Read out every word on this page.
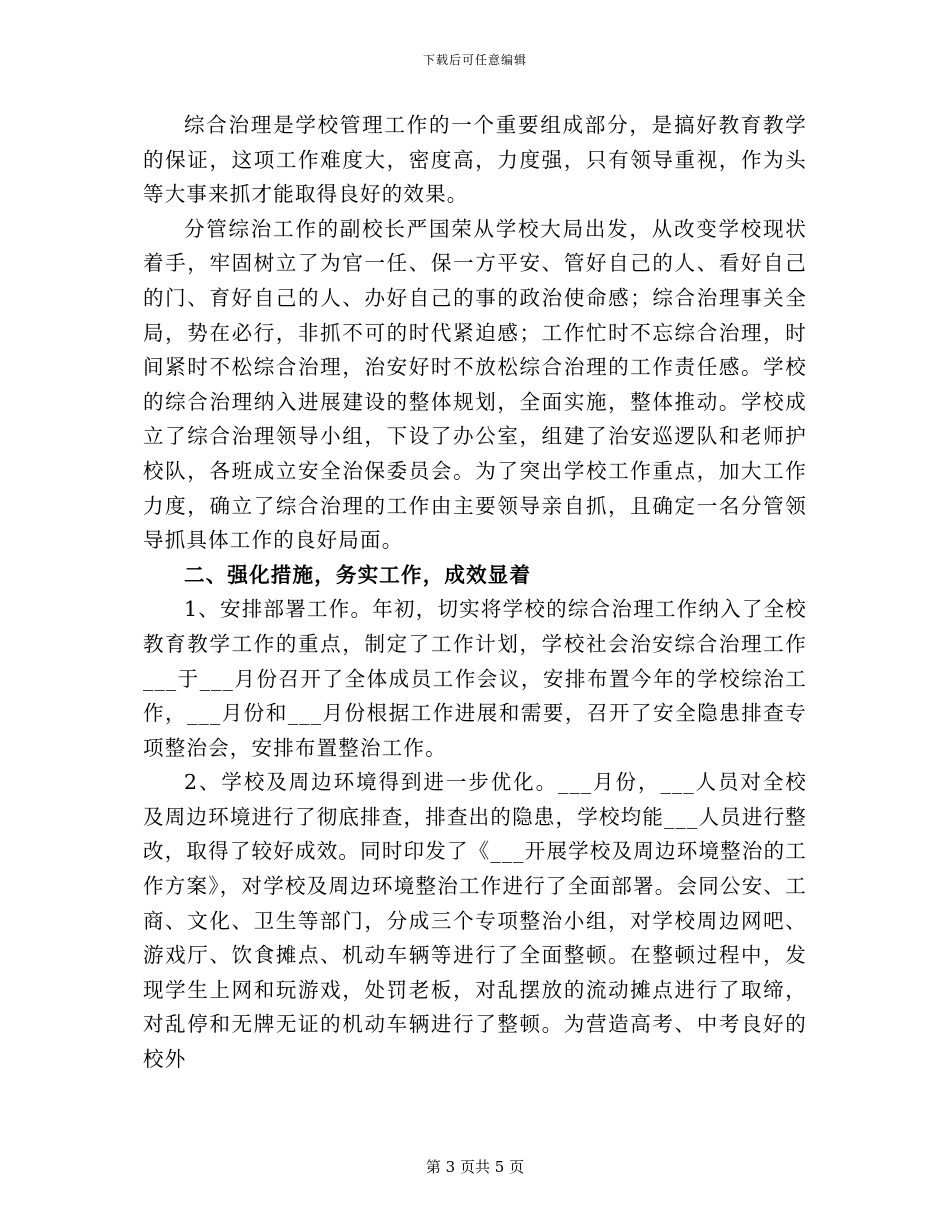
下载后可任意编辑

综合治理是学校管理工作的一个重要组成部分，是搞好教育教学的保证，这项工作难度大，密度高，力度强，只有领导重视，作为头等大事来抓才能取得良好的效果。

分管综治工作的副校长严国荣从学校大局出发，从改变学校现状着手，牢固树立了为官一任、保一方平安、管好自己的人、看好自己的门、育好自己的人、办好自己的事的政治使命感；综合治理事关全局，势在必行，非抓不可的时代紧迫感；工作忙时不忘综合治理，时间紧时不松综合治理，治安好时不放松综合治理的工作责任感。学校的综合治理纳入进展建设的整体规划，全面实施，整体推动。学校成立了综合治理领导小组，下设了办公室，组建了治安巡逻队和老师护校队，各班成立安全治保委员会。为了突出学校工作重点，加大工作力度，确立了综合治理的工作由主要领导亲自抓，且确定一名分管领导抓具体工作的良好局面。

二、强化措施，务实工作，成效显着

1、安排部署工作。年初，切实将学校的综合治理工作纳入了全校教育教学工作的重点，制定了工作计划，学校社会治安综合治理工作___于___月份召开了全体成员工作会议，安排布置今年的学校综治工作，___月份和___月份根据工作进展和需要，召开了安全隐患排查专项整治会，安排布置整治工作。

2、学校及周边环境得到进一步优化。___月份，___人员对全校及周边环境进行了彻底排查，排查出的隐患，学校均能___人员进行整改，取得了较好成效。同时印发了《___开展学校及周边环境整治的工作方案》，对学校及周边环境整治工作进行了全面部署。会同公安、工商、文化、卫生等部门，分成三个专项整治小组，对学校周边网吧、游戏厅、饮食摊点、机动车辆等进行了全面整顿。在整顿过程中，发现学生上网和玩游戏，处罚老板，对乱摆放的流动摊点进行了取缔，对乱停和无牌无证的机动车辆进行了整顿。为营造高考、中考良好的校外

第 3 页共 5 页
